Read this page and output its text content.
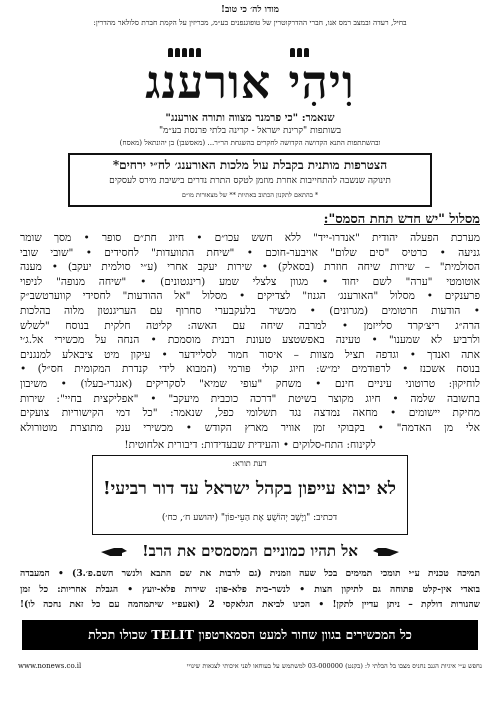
מודו לה׳ כי טוב!
בחיל, רעדה ובמצב רמס אנו, חברי ההדרקוטרין של טופוגנפנים בע״מ, מכריזין על הקמת חברת סלולאר מהדרין:
וִיהִי אורענג
שנאמר: "כי פרמנר מצווה ותורה אורענג"
בשותפות "קרינת ישראל - קרינה בלתי פרנסת בע״מ"
ובהשתתפות התנא הקדושה הקדושה לחקרים בהשגחת הר״ר... (מאסשבן) בן יהונתאל (מאסח)
הצטרפות מותנית בקבלת עול מלכות האורענג׳ לח״י ירחים*
תינוקה שנשבה להתחייבות אחרת מוזמן לטקס התרת נדרים בישיבת מירס לעסקים
* בהתאם לתקנון הכתוב באתיות ** של מצאורות מו״ם
מסלול "יש חדש תחת הסמס":

מערכת הפעלה יהודית "אנדרו-ייד" ללא חשש עכו״ם • חיוג חת״ם סופר • מסך שומר

גניעה • כרטיס "סים שלום" אויבער-חוכם • "שיחת התוועדות" לחסידים • "שובי שובי

הסולמית" – שירות שיחה חוזרת (בסאלק) • שירות יעקב אחרי (ע״י סולמית יעקב) • מענה

אוטומטי "ערה" לשם יחוד • מגוון צלצלי שמע (רינגטונים) • "שיחה מנופה" לניפוי

פרענקים • מסלול "האורענג׳ הגנוז" לצדיקים • מסלול "אל ההודעות" לחסידי קווערטשב״ק

• הודעות חרטומים (מגרונים) • מכשיר בלעקבערי סחרוף עם העריגנטון מלוה בהלכות

הרה״ג ריצ׳קרד סלייזמן • למרבה שיחה עם האשה: קליטה חלקית בנוסח "לשלש

ולרביע לא שמענו" • טעינה באפשטצע טעונת רבנית מוסמכת • הנחה על מכשירי אל.ג׳י

אתה ואנדך • וגדפה תציל מצוות – איסור חמור לסליידער • עיקון מיט ציבאלע למנגנים

בנוסח אשכנז • לרפודמים ימ״ש: חיוג קולי פורמי (המבוא לידי קנדרת המקומית חס״ל) •

לוחיקוּן: טרוטוני עיניים חינם • משחק "עופי שמיא" לסקריקים (אנגרי-בעלו) • משיבון

בתשובה שלמה • חיוג מקוצר בשיטת "דרכה כוכבית מיעקב" • "אפליקצית בחיי": שירות

מחיקת יישומים • מחאה נמדצה נגד תשלומי כפל, שנאמר: "כל דמי הקישוריות צועקים

אלי מן האדמה" • בקבוקי זמן אוויר מארץ הקודש • מכשירי ענק מתוצרת מוטורולא

לקינוח: התח-סלוקים • והעידית שבעדידות: דיבורית אלחוטית!
דעת תורא:
לא יבוא עייפון בקהל ישראל עד דור רביעי!
דכתיב: "וַיָשֶׁב יְהוֹשֻׁעַ אֶת הַעֵי-פוֹן" (יהושע ח׳, כח׳)
אל תהיו כמוניים המסמסים את הרב!

תמיכה טכנית ע״י תומכי תמימים בכל שעה וזמנית (גם לרבות את שם התבא ולנשר השם.פ׳.3) • המעבדה

בואדי אין-קלט פתוחה גם לתיקון חצות • לנשר-בית פלא-פון: שירות פלא-יועץ • הגבלת אחריות: כל זמן

שהנורות דולקת – ניתן עדיין לתקן! • הכינו לביאת הגלאקסי 2 (ואעפ״י שיתמהמה עם כל זאת נחכה לו)!

כל המכשירים בגוון שחור למעט הסמארטפון TELIT שכולו תכלת
www.nonews.co.il	נחפש ע״י איגיות הגנב נחניס מצבו בל הבלתי ל: (בקנט) 03-000000 למשתמש על בעוחאו לפני איכותי לצגאות שינויי
